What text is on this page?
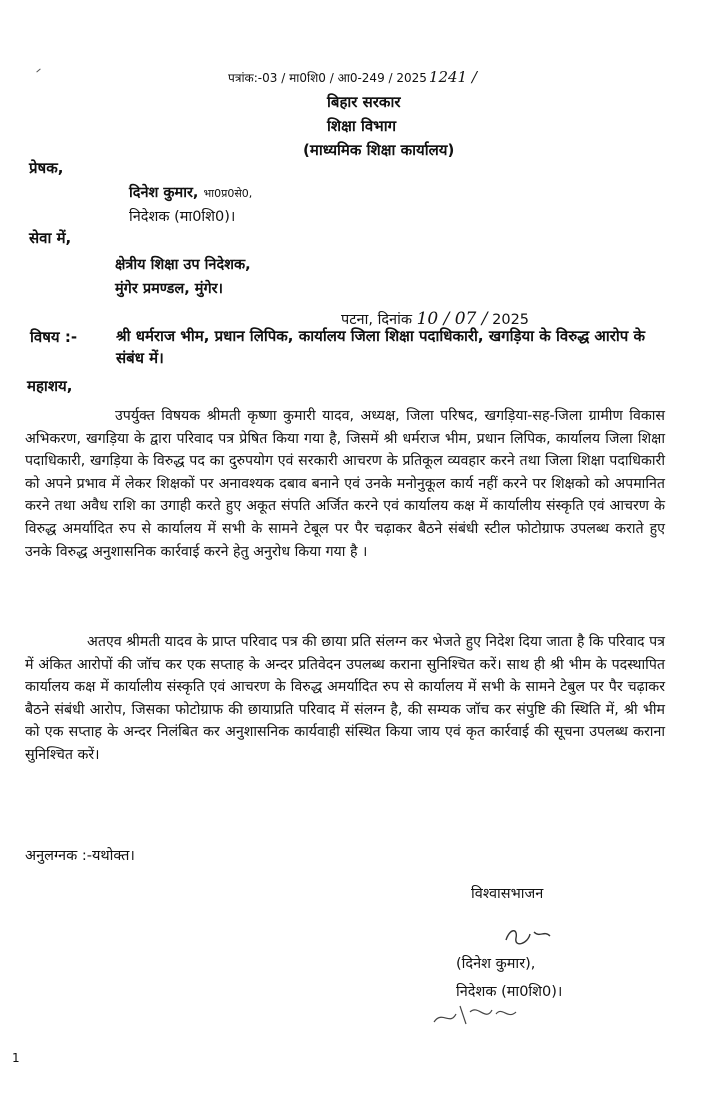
पत्रांक:-03 / मा0शि0 / आ0-249 / 2025 1241 /
बिहार सरकार
शिक्षा विभाग
(माध्यमिक शिक्षा कार्यालय)
प्रेषक,
दिनेश कुमार, भा0प्र0से0,
निदेशक (मा0शि0)।
सेवा में,
क्षेत्रीय शिक्षा उप निदेशक,
मुंगेर प्रमण्डल, मुंगेर।
पटना, दिनांक 10 / 07 / 2025
विषय :-	श्री धर्मराज भीम, प्रधान लिपिक, कार्यालय जिला शिक्षा पदाधिकारी, खगड़िया के विरुद्ध आरोप के संबंध में।
महाशय,
उपर्युक्त विषयक श्रीमती कृष्णा कुमारी यादव, अध्यक्ष, जिला परिषद, खगड़िया-सह-जिला ग्रामीण विकास अभिकरण, खगड़िया के द्वारा परिवाद पत्र प्रेषित किया गया है, जिसमें श्री धर्मराज भीम, प्रधान लिपिक, कार्यालय जिला शिक्षा पदाधिकारी, खगड़िया के विरुद्ध पद का दुरुपयोग एवं सरकारी आचरण के प्रतिकूल व्यवहार करने तथा जिला शिक्षा पदाधिकारी को अपने प्रभाव में लेकर शिक्षकों पर अनावश्यक दबाव बनाने एवं उनके मनोनुकूल कार्य नहीं करने पर शिक्षको को अपमानित करने तथा अवैध राशि का उगाही करते हुए अकूत संपति अर्जित करने एवं कार्यालय कक्ष में कार्यालीय संस्कृति एवं आचरण के विरुद्ध अमर्यादित रुप से कार्यालय में सभी के सामने टेबूल पर पैर चढ़ाकर बैठने संबंधी स्टील फोटोग्राफ उपलब्ध कराते हुए उनके विरुद्ध अनुशासनिक कार्रवाई करने हेतु अनुरोध किया गया है ।
अतएव श्रीमती यादव के प्राप्त परिवाद पत्र की छाया प्रति संलग्न कर भेजते हुए निदेश दिया जाता है कि परिवाद पत्र में अंकित आरोपों की जॉच कर एक सप्ताह के अन्दर प्रतिवेदन उपलब्ध कराना सुनिश्चित करें। साथ ही श्री भीम के पदस्थापित कार्यालय कक्ष में कार्यालीय संस्कृति एवं आचरण के विरुद्ध अमर्यादित रुप से कार्यालय में सभी के सामने टेबुल पर पैर चढ़ाकर बैठने संबंधी आरोप, जिसका फोटोग्राफ की छायाप्रति परिवाद में संलग्न है, की सम्यक जॉच कर संपुष्टि की स्थिति में, श्री भीम को एक सप्ताह के अन्दर निलंबित कर अनुशासनिक कार्यवाही संस्थित किया जाय एवं कृत कार्रवाई की सूचना उपलब्ध कराना सुनिश्चित करें।
अनुलग्नक :-यथोक्त।
विश्वासभाजन
(दिनेश कुमार),
निदेशक (मा0शि0)।
1
